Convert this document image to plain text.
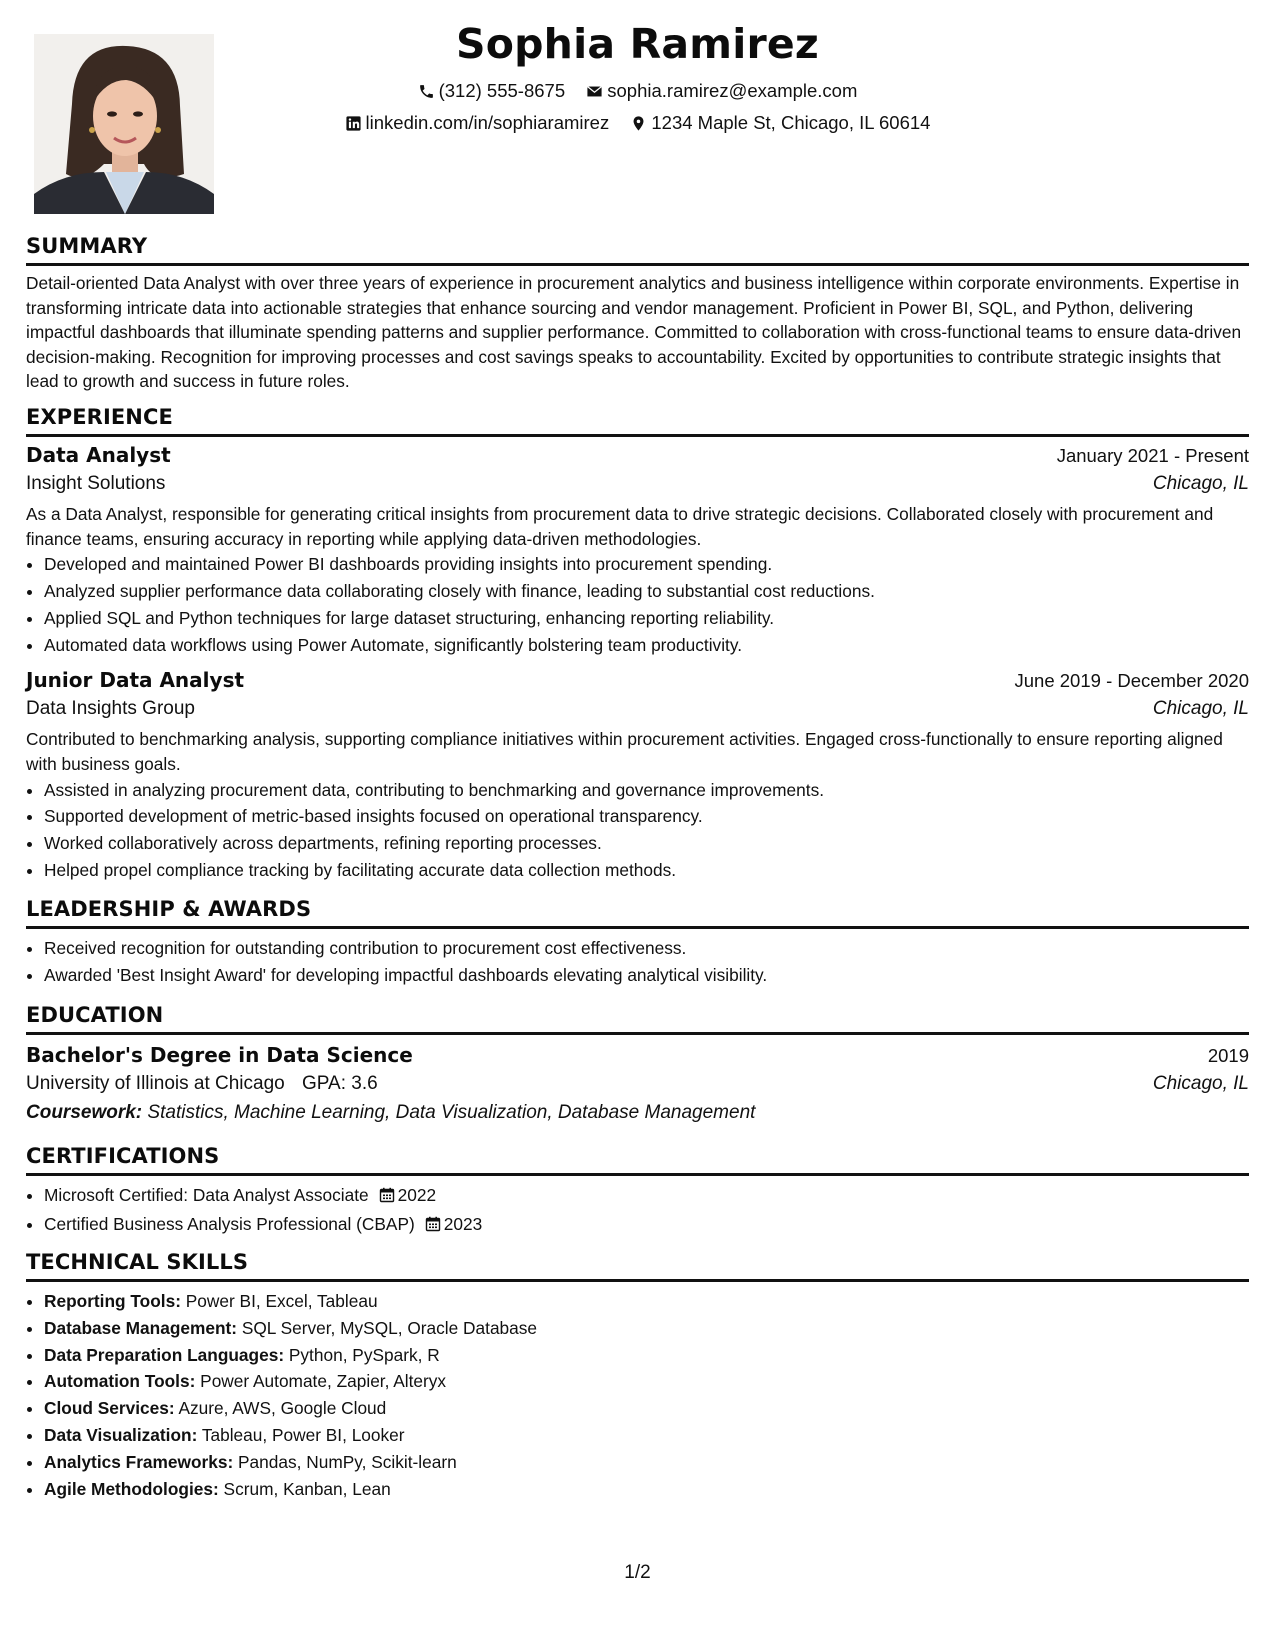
Sophia Ramirez
(312) 555-8675
sophia.ramirez@example.com
linkedin.com/in/sophiaramirez
1234 Maple St, Chicago, IL 60614
SUMMARY
Detail-oriented Data Analyst with over three years of experience in procurement analytics and business intelligence within corporate environments. Expertise in transforming intricate data into actionable strategies that enhance sourcing and vendor management. Proficient in Power BI, SQL, and Python, delivering impactful dashboards that illuminate spending patterns and supplier performance. Committed to collaboration with cross-functional teams to ensure data-driven decision-making. Recognition for improving processes and cost savings speaks to accountability. Excited by opportunities to contribute strategic insights that lead to growth and success in future roles.
EXPERIENCE
Data Analyst	January 2021 - Present
Insight Solutions	Chicago, IL
As a Data Analyst, responsible for generating critical insights from procurement data to drive strategic decisions. Collaborated closely with procurement and finance teams, ensuring accuracy in reporting while applying data-driven methodologies.
• Developed and maintained Power BI dashboards providing insights into procurement spending.
• Analyzed supplier performance data collaborating closely with finance, leading to substantial cost reductions.
• Applied SQL and Python techniques for large dataset structuring, enhancing reporting reliability.
• Automated data workflows using Power Automate, significantly bolstering team productivity.
Junior Data Analyst	June 2019 - December 2020
Data Insights Group	Chicago, IL
Contributed to benchmarking analysis, supporting compliance initiatives within procurement activities. Engaged cross-functionally to ensure reporting aligned with business goals.
• Assisted in analyzing procurement data, contributing to benchmarking and governance improvements.
• Supported development of metric-based insights focused on operational transparency.
• Worked collaboratively across departments, refining reporting processes.
• Helped propel compliance tracking by facilitating accurate data collection methods.
LEADERSHIP & AWARDS
• Received recognition for outstanding contribution to procurement cost effectiveness.
• Awarded 'Best Insight Award' for developing impactful dashboards elevating analytical visibility.
EDUCATION
Bachelor's Degree in Data Science	2019
University of Illinois at Chicago GPA: 3.6	Chicago, IL
Coursework: Statistics, Machine Learning, Data Visualization, Database Management
CERTIFICATIONS
• Microsoft Certified: Data Analyst Associate 2022
• Certified Business Analysis Professional (CBAP) 2023
TECHNICAL SKILLS
• Reporting Tools: Power BI, Excel, Tableau
• Database Management: SQL Server, MySQL, Oracle Database
• Data Preparation Languages: Python, PySpark, R
• Automation Tools: Power Automate, Zapier, Alteryx
• Cloud Services: Azure, AWS, Google Cloud
• Data Visualization: Tableau, Power BI, Looker
• Analytics Frameworks: Pandas, NumPy, Scikit-learn
• Agile Methodologies: Scrum, Kanban, Lean
1/2
